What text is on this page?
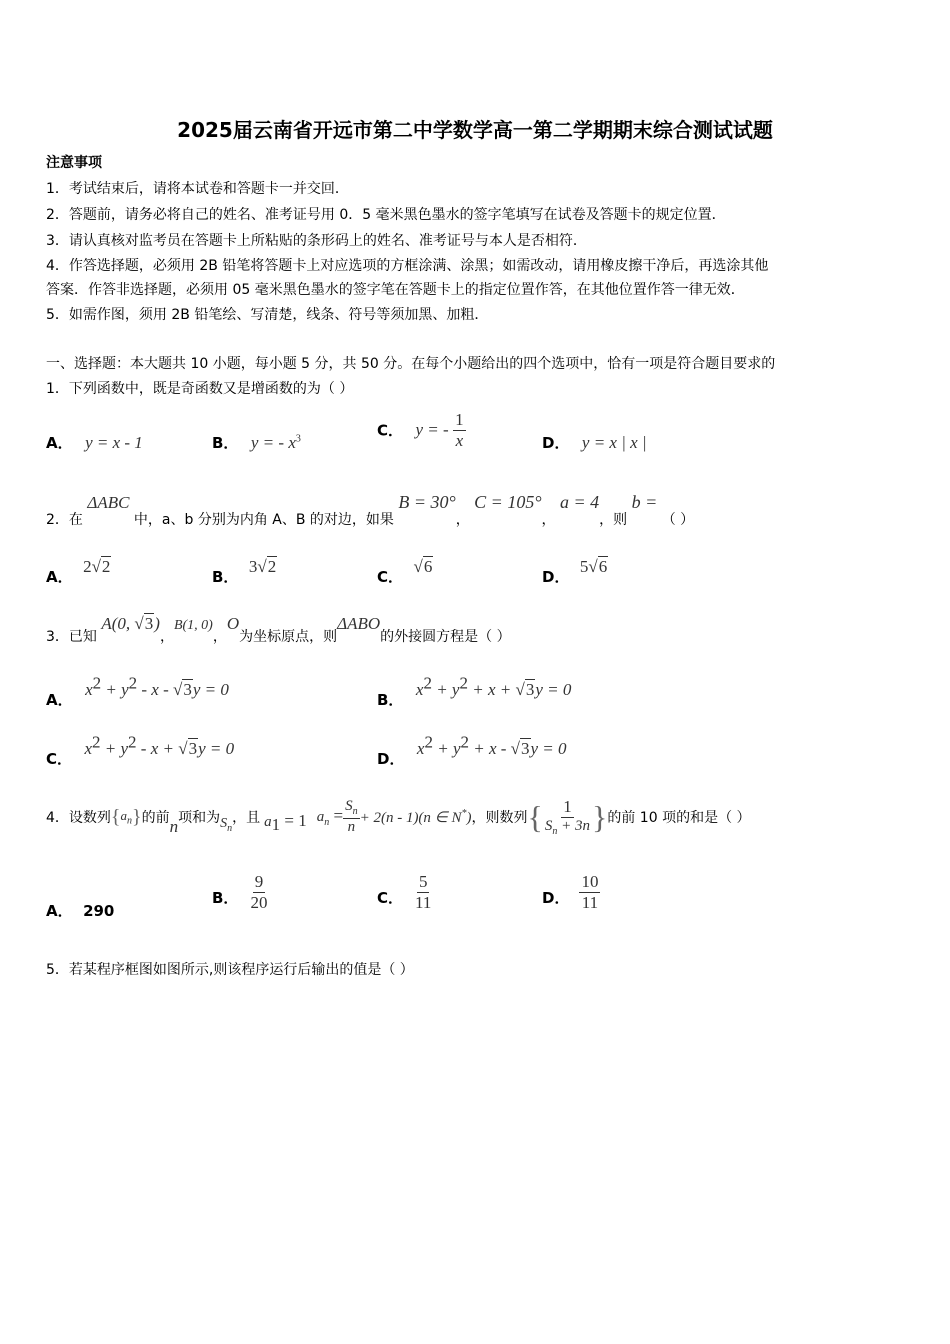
2025届云南省开远市第二中学数学高一第二学期期末综合测试试题
注意事项
1．考试结束后，请将本试卷和答题卡一并交回．
2．答题前，请务必将自己的姓名、准考证号用 0．5 毫米黑色墨水的签字笔填写在试卷及答题卡的规定位置．
3．请认真核对监考员在答题卡上所粘贴的条形码上的姓名、准考证号与本人是否相符．
4．作答选择题，必须用 2B 铅笔将答题卡上对应选项的方框涂满、涂黑；如需改动，请用橡皮擦干净后，再选涂其他
答案．作答非选择题，必须用 05 毫米黑色墨水的签字笔在答题卡上的指定位置作答，在其他位置作答一律无效．
5．如需作图，须用 2B 铅笔绘、写清楚，线条、符号等须加黑、加粗．
一、选择题：本大题共 10 小题，每小题 5 分，共 50 分。在每个小题给出的四个选项中，恰有一项是符合题目要求的
1．下列函数中，既是奇函数又是增函数的为（ ）
A． y = x - 1	B． y = - $x^3$	C． y = - $\frac{1}{x}$	D． y = x | x |
2．在 ΔABC 中，a、b 分别为内角 A、B 的对边，如果 B = 30°， C = 105°， a = 4，则 b = （ ）
A． 2√2
B． 3√2
C． √6
D． 5√6
3．已知 A(0, √3)，B(1, 0)，O为坐标原点，则ΔABO的外接圆方程是（ ）
A． $x^2 + y^2 - x - √3y = 0$
B． $x^2 + y^2 + x + √3y = 0$
C． $x^2 + y^2 - x + √3y = 0$
D． $x^2 + y^2 + x - √3y = 0$
4．设数列 { $a_n$ } 的前 n 项和为 $S_n$
，且 $a_1 = 1$ $a_n = \frac{S_n}{n} + 2(n - 1)(n$ ∈ N*) ，则数列 { $\frac{1}{S_n + 3n}$ } 的前 10 项的和是（ ）
A． 290
B． $\frac{9}{20}$	C． $\frac{5}{11}$	D． $\frac{10}{11}$
5．若某程序框图如图所示,则该程序运行后输出的值是（ ）
